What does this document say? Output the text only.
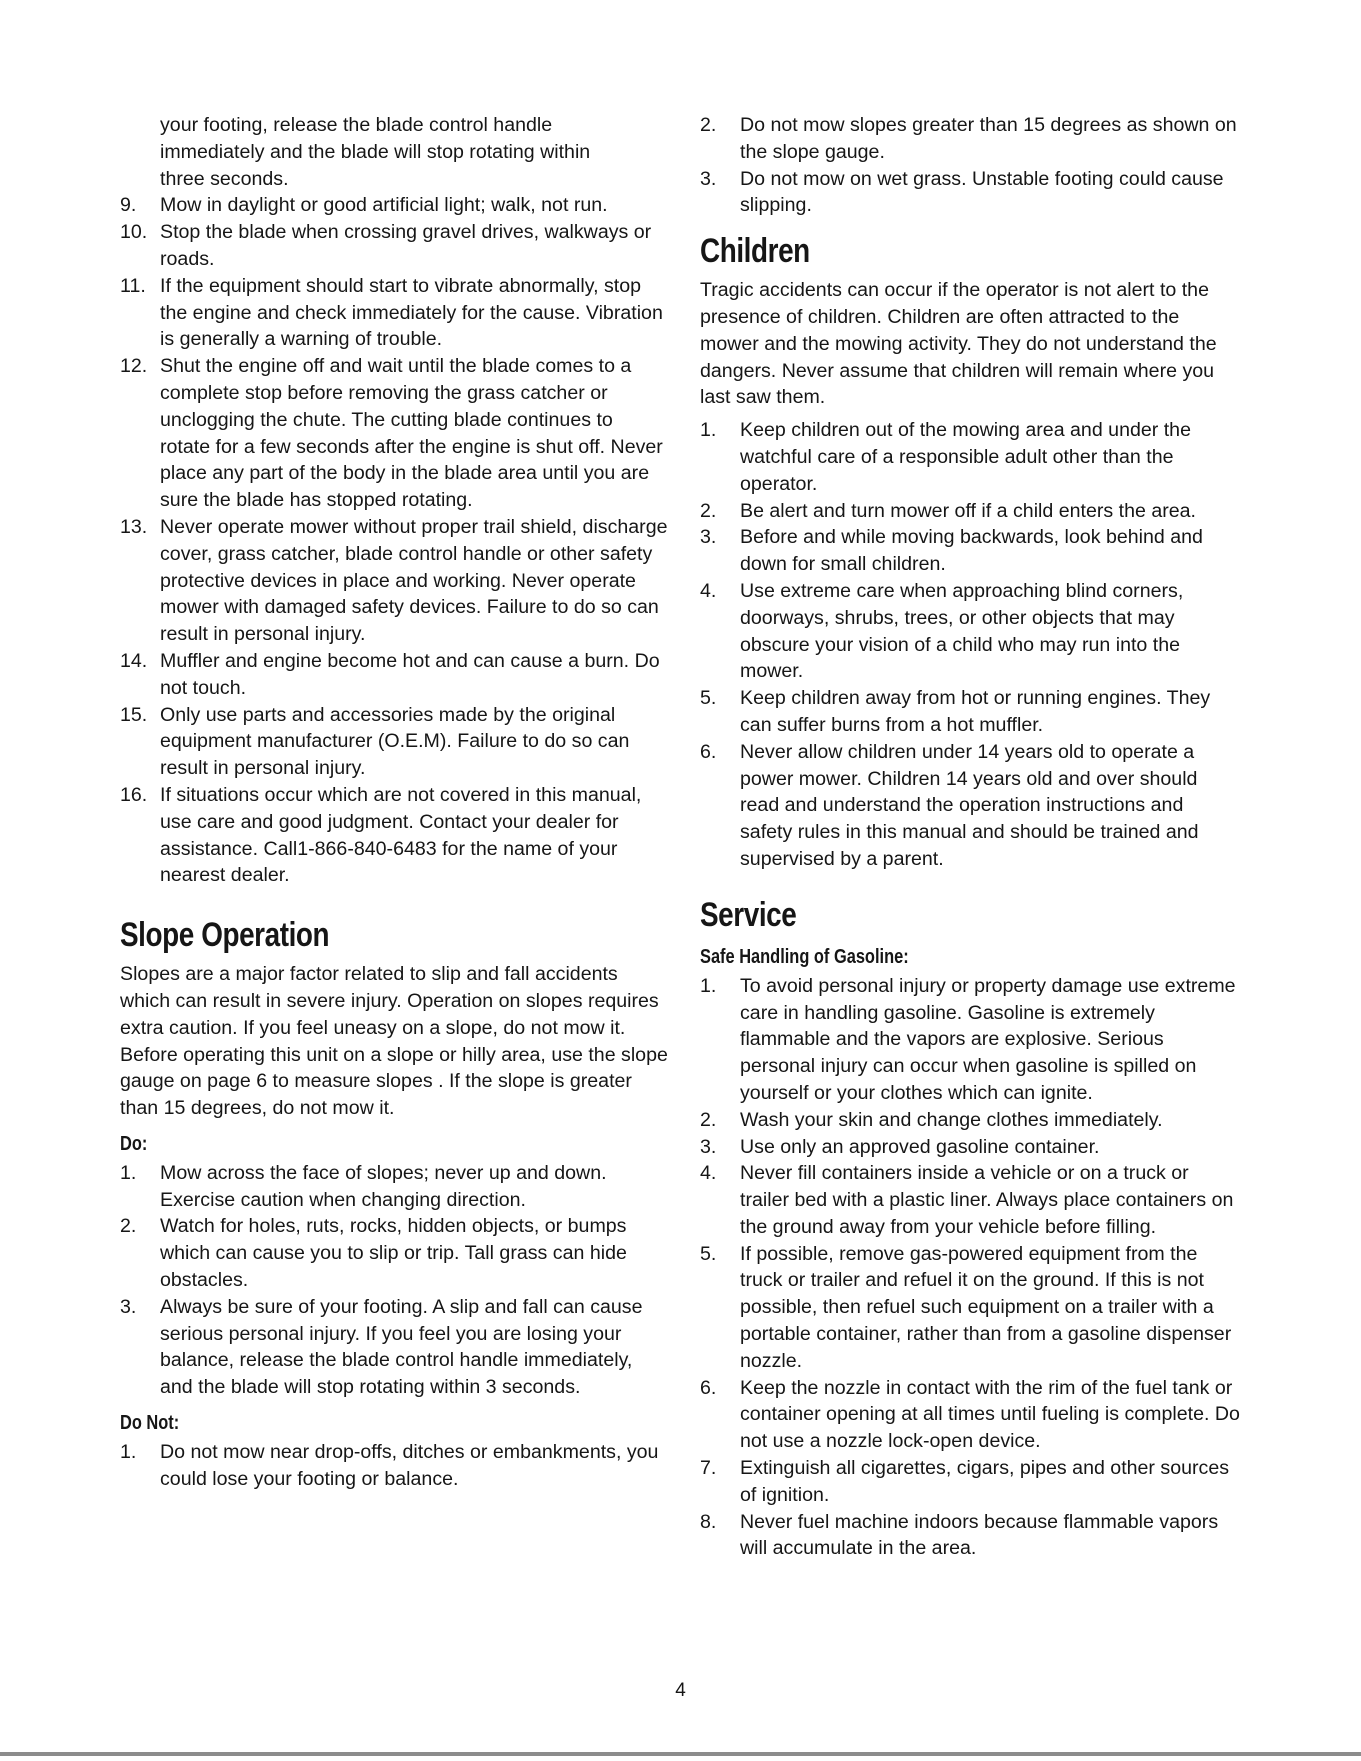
your footing, release the blade control handle
immediately and the blade will stop rotating within
three seconds.
9. Mow in daylight or good artificial light; walk, not run.
10. Stop the blade when crossing gravel drives, walkways or roads.
11. If the equipment should start to vibrate abnormally, stop the engine and check immediately for the cause. Vibration is generally a warning of trouble.
12. Shut the engine off and wait until the blade comes to a complete stop before removing the grass catcher or unclogging the chute. The cutting blade continues to rotate for a few seconds after the engine is shut off. Never place any part of the body in the blade area until you are sure the blade has stopped rotating.
13. Never operate mower without proper trail shield, discharge cover, grass catcher, blade control handle or other safety protective devices in place and working. Never operate mower with damaged safety devices. Failure to do so can result in personal injury.
14. Muffler and engine become hot and can cause a burn. Do not touch.
15. Only use parts and accessories made by the original equipment manufacturer (O.E.M). Failure to do so can result in personal injury.
16. If situations occur which are not covered in this manual, use care and good judgment. Contact your dealer for assistance. Call1-866-840-6483 for the name of your nearest dealer.
Slope Operation

Slopes are a major factor related to slip and fall accidents which can result in severe injury. Operation on slopes requires extra caution. If you feel uneasy on a slope, do not mow it. Before operating this unit on a slope or hilly area, use the slope gauge on page 6 to measure slopes . If the slope is greater than 15 degrees, do not mow it.

Do:
1. Mow across the face of slopes; never up and down. Exercise caution when changing direction.
2. Watch for holes, ruts, rocks, hidden objects, or bumps which can cause you to slip or trip. Tall grass can hide obstacles.
3. Always be sure of your footing. A slip and fall can cause serious personal injury. If you feel you are losing your balance, release the blade control handle immediately, and the blade will stop rotating within 3 seconds.
Do Not:
1. Do not mow near drop-offs, ditches or embankments, you could lose your footing or balance.
2. Do not mow slopes greater than 15 degrees as shown on the slope gauge.
3. Do not mow on wet grass. Unstable footing could cause slipping.
Children

Tragic accidents can occur if the operator is not alert to the presence of children. Children are often attracted to the mower and the mowing activity. They do not understand the dangers. Never assume that children will remain where you last saw them.

1. Keep children out of the mowing area and under the watchful care of a responsible adult other than the operator.
2. Be alert and turn mower off if a child enters the area.
3. Before and while moving backwards, look behind and down for small children.
4. Use extreme care when approaching blind corners, doorways, shrubs, trees, or other objects that may obscure your vision of a child who may run into the mower.
5. Keep children away from hot or running engines. They can suffer burns from a hot muffler.
6. Never allow children under 14 years old to operate a power mower. Children 14 years old and over should read and understand the operation instructions and safety rules in this manual and should be trained and supervised by a parent.
Service
Safe Handling of Gasoline:
1. To avoid personal injury or property damage use extreme care in handling gasoline. Gasoline is extremely flammable and the vapors are explosive. Serious personal injury can occur when gasoline is spilled on yourself or your clothes which can ignite.
2. Wash your skin and change clothes immediately.
3. Use only an approved gasoline container.
4. Never fill containers inside a vehicle or on a truck or trailer bed with a plastic liner. Always place containers on the ground away from your vehicle before filling.
5. If possible, remove gas-powered equipment from the truck or trailer and refuel it on the ground. If this is not possible, then refuel such equipment on a trailer with a portable container, rather than from a gasoline dispenser nozzle.
6. Keep the nozzle in contact with the rim of the fuel tank or container opening at all times until fueling is complete. Do not use a nozzle lock-open device.
7. Extinguish all cigarettes, cigars, pipes and other sources of ignition.
8. Never fuel machine indoors because flammable vapors will accumulate in the area.
4
